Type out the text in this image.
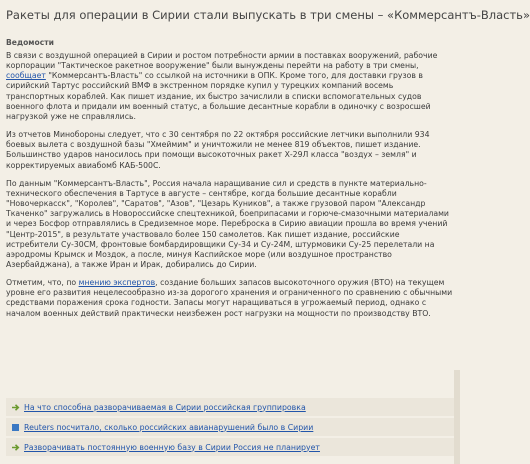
Ракеты для операции в Сирии стали выпускать в три смены – «Коммерсантъ-Власть»
Ведомости

В связи с воздушной операцией в Сирии и ростом потребности армии в поставках вооружений, рабочие корпорации "Тактическое ракетное вооружение" были вынуждены перейти на работу в три смены, сообщает "Коммерсантъ-Власть" со ссылкой на источники в ОПК. Кроме того, для доставки грузов в сирийский Тартус российский ВМФ в экстренном порядке купил у турецких компаний восемь транспортных кораблей. Как пишет издание, их быстро зачислили в списки вспомогательных судов военного флота и придали им военный статус, а большие десантные корабли в одиночку с возросшей нагрузкой уже не справлялись.

Из отчетов Минобороны следует, что с 30 сентября по 22 октября российские летчики выполнили 934 боевых вылета с воздушной базы "Хмеймим" и уничтожили не менее 819 объектов, пишет издание. Большинство ударов наносилось при помощи высокоточных ракет Х-29Л класса "воздух – земля" и корректируемых авиабомб КАБ-500С.

По данным "Коммерсантъ-Власть", Россия начала наращивание сил и средств в пункте материально-технического обеспечения в Тартусе в августе – сентябре, когда большие десантные корабли "Новочеркасск", "Королев", "Саратов", "Азов", "Цезарь Куников", а также грузовой паром "Александр Ткаченко" загружались в Новороссийске спецтехникой, боеприпасами и горюче-смазочными материалами и через Босфор отправлялись в Средиземное море. Переброска в Сирию авиации прошла во время учений "Центр-2015", в результате участвовало более 150 самолетов. Как пишет издание, российские истребители Су-30СМ, фронтовые бомбардировщики Су-34 и Су-24М, штурмовики Су-25 перелетали на аэродромы Крымск и Моздок, а после, минуя Каспийское море (или воздушное пространство Азербайджана), а также Иран и Ирак, добирались до Сирии.

Отметим, что, по мнению экспертов, создание больших запасов высокоточного оружия (ВТО) на текущем уровне его развития нецелесообразно из-за дорогого хранения и ограниченного по сравнению с обычными средствами поражения срока годности. Запасы могут наращиваться в угрожаемый период, однако с началом военных действий практически неизбежен рост нагрузки на мощности по производству ВТО.

На что способна разворачиваемая в Сирии российская группировка
Reuters посчитало, сколько российских авианарушений было в Сирии
Разворачивать постоянную военную базу в Сирии Россия не планирует
